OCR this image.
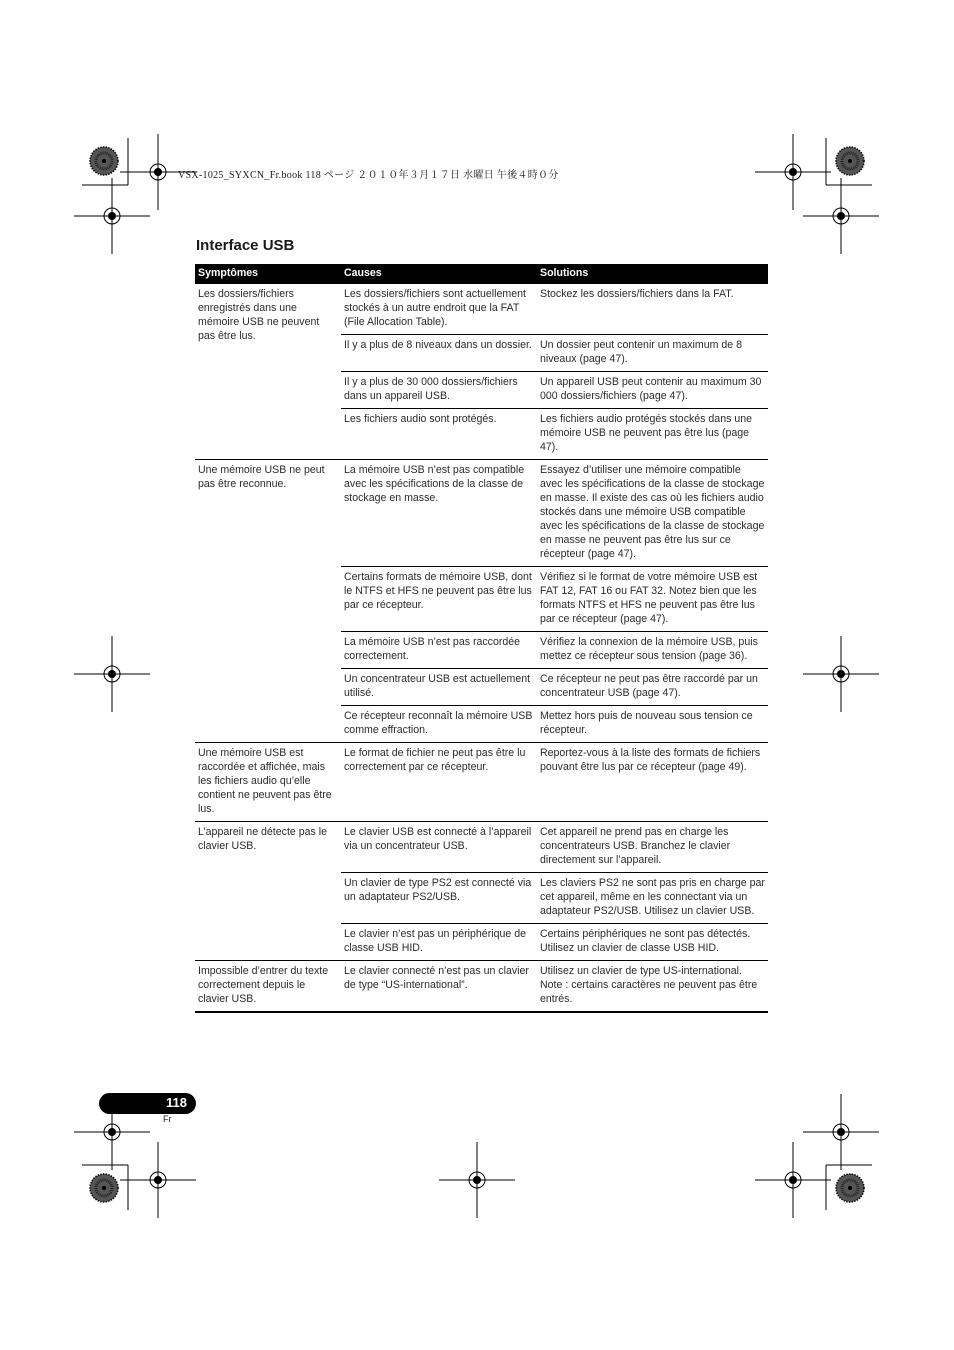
VSX-1025_SYXCN_Fr.book 118 ページ ２０１０年３月１７日 水曜日 午後４時０分
Interface USB
Symptômes	Causes	Solutions
Les dossiers/fichiers enregistrés dans une mémoire USB ne peuvent pas être lus.	Les dossiers/fichiers sont actuellement stockés à un autre endroit que la FAT (File Allocation Table).	Stockez les dossiers/fichiers dans la FAT.
	Il y a plus de 8 niveaux dans un dossier.	Un dossier peut contenir un maximum de 8 niveaux (page 47).
	Il y a plus de 30 000 dossiers/fichiers dans un appareil USB.	Un appareil USB peut contenir au maximum 30 000 dossiers/fichiers (page 47).
	Les fichiers audio sont protégés.	Les fichiers audio protégés stockés dans une mémoire USB ne peuvent pas être lus (page 47).
Une mémoire USB ne peut pas être reconnue.	La mémoire USB n’est pas compatible avec les spécifications de la classe de stockage en masse.	Essayez d’utiliser une mémoire compatible avec les spécifications de la classe de stockage en masse. Il existe des cas où les fichiers audio stockés dans une mémoire USB compatible avec les spécifications de la classe de stockage en masse ne peuvent pas être lus sur ce récepteur (page 47).
	Certains formats de mémoire USB, dont le NTFS et HFS ne peuvent pas être lus par ce récepteur.	Vérifiez si le format de votre mémoire USB est FAT 12, FAT 16 ou FAT 32. Notez bien que les formats NTFS et HFS ne peuvent pas être lus par ce récepteur (page 47).
	La mémoire USB n’est pas raccordée correctement.	Vérifiez la connexion de la mémoire USB, puis mettez ce récepteur sous tension (page 36).
	Un concentrateur USB est actuellement utilisé.	Ce récepteur ne peut pas être raccordé par un concentrateur USB (page 47).
	Ce récepteur reconnaît la mémoire USB comme effraction.	Mettez hors puis de nouveau sous tension ce récepteur.
Une mémoire USB est raccordée et affichée, mais les fichiers audio qu’elle contient ne peuvent pas être lus.	Le format de fichier ne peut pas être lu correctement par ce récepteur.	Reportez-vous à la liste des formats de fichiers pouvant être lus par ce récepteur (page 49).
L’appareil ne détecte pas le clavier USB.	Le clavier USB est connecté à l’appareil via un concentrateur USB.	Cet appareil ne prend pas en charge les concentrateurs USB. Branchez le clavier directement sur l’appareil.
	Un clavier de type PS2 est connecté via un adaptateur PS2/USB.	Les claviers PS2 ne sont pas pris en charge par cet appareil, même en les connectant via un adaptateur PS2/USB. Utilisez un clavier USB.
	Le clavier n’est pas un périphérique de classe USB HID.	Certains périphériques ne sont pas détectés. Utilisez un clavier de classe USB HID.
Impossible d’entrer du texte correctement depuis le clavier USB.	Le clavier connecté n’est pas un clavier de type “US-international”.	Utilisez un clavier de type US-international. Note : certains caractères ne peuvent pas être entrés.
118
Fr
